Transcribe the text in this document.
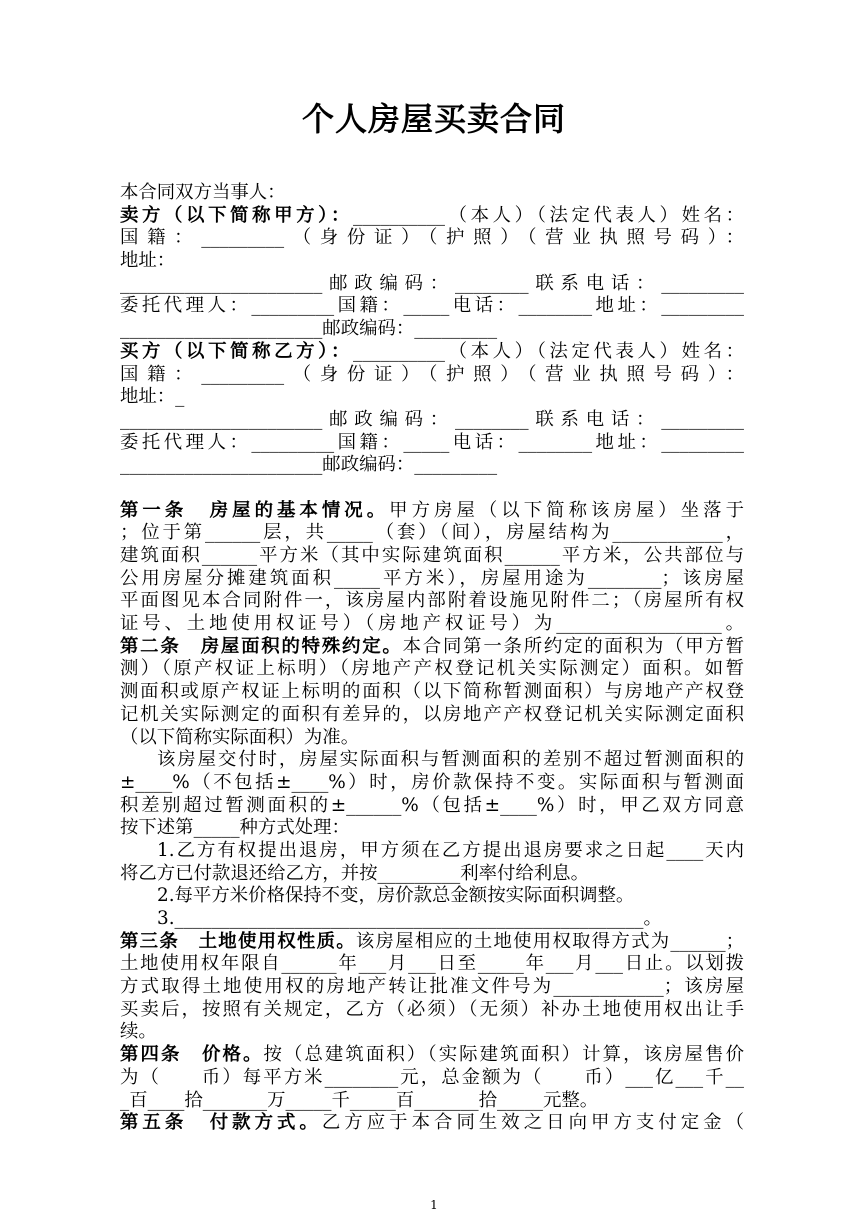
个人房屋买卖合同
本合同双方当事人：
卖方（以下简称甲方）：__________（本人）（法定代表人）姓名：
国籍：_________（身份证）（护照）（营业执照号码）：
地址：
______________________邮政编码：________联系电话：_________
委托代理人：_________国籍：_____电话：________地址：_________
______________________邮政编码：_________
买方（以下简称乙方）：__________（本人）（法定代表人）姓名：
国籍：_________（身份证）（护照）（营业执照号码）：
地址：_
______________________邮政编码：________联系电话：_________
委托代理人：_________国籍：_____电话：________地址：_________
______________________邮政编码：_________
第一条　房屋的基本情况。甲方房屋（以下简称该房屋）坐落于
；位于第______层，共_____（套）（间），房屋结构为____________，
建筑面积______平方米（其中实际建筑面积______平方米，公共部位与
公用房屋分摊建筑面积_____平方米），房屋用途为________；该房屋
平面图见本合同附件一，该房屋内部附着设施见附件二；（房屋所有权
证号、土地使用权证号）（房地产权证号）为__________________。
第二条　房屋面积的特殊约定。本合同第一条所约定的面积为（甲方暂
测）（原产权证上标明）（房地产产权登记机关实际测定）面积。如暂
测面积或原产权证上标明的面积（以下简称暂测面积）与房地产产权登
记机关实际测定的面积有差异的，以房地产产权登记机关实际测定面积
（以下简称实际面积）为准。
该房屋交付时，房屋实际面积与暂测面积的差别不超过暂测面积的
±____%（不包括±____%）时，房价款保持不变。实际面积与暂测面
积差别超过暂测面积的±______%（包括±____%）时，甲乙双方同意
按下述第_____种方式处理：
1.乙方有权提出退房，甲方须在乙方提出退房要求之日起____天内
将乙方已付款退还给乙方，并按_________利率付给利息。
2.每平方米价格保持不变，房价款总金额按实际面积调整。
3.___________________________________________________。
第三条　土地使用权性质。该房屋相应的土地使用权取得方式为______；
土地使用权年限自______年___月___日至_____年___月___日止。以划拨
方式取得土地使用权的房地产转让批准文件号为____________；该房屋
买卖后，按照有关规定，乙方（必须）（无须）补办土地使用权出让手
续。
第四条　价格。按（总建筑面积）（实际建筑面积）计算，该房屋售价
为（　　币）每平方米________元，总金额为（　　币）___亿___千__
_百____拾_______万_____千_____百_______拾_____元整。
第五条　付款方式。乙方应于本合同生效之日向甲方支付定金（
1
